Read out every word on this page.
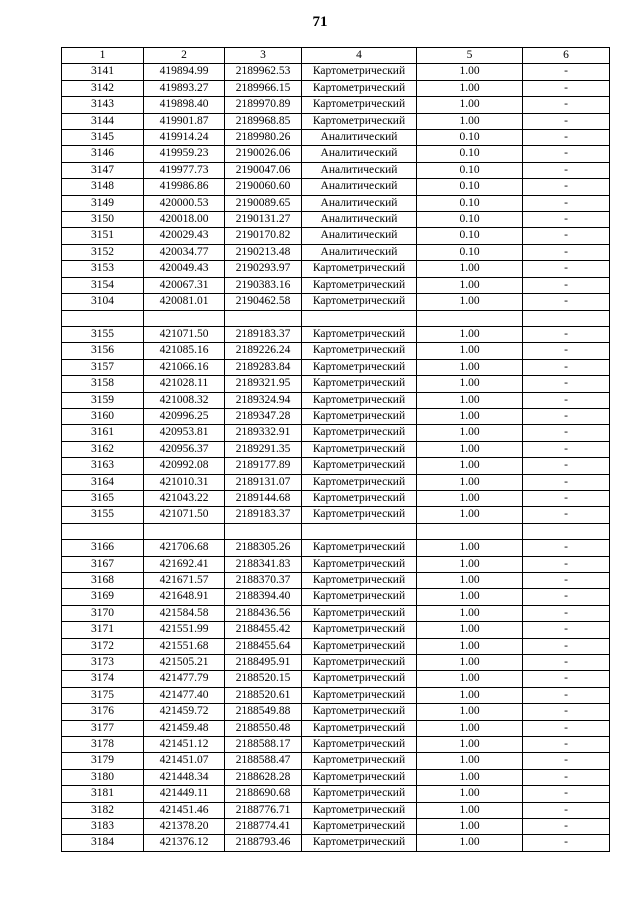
71
1	2	3	4	5	6
3141	419894.99	2189962.53	Картометрический	1.00	-
3142	419893.27	2189966.15	Картометрический	1.00	-
3143	419898.40	2189970.89	Картометрический	1.00	-
3144	419901.87	2189968.85	Картометрический	1.00	-
3145	419914.24	2189980.26	Аналитический	0.10	-
3146	419959.23	2190026.06	Аналитический	0.10	-
3147	419977.73	2190047.06	Аналитический	0.10	-
3148	419986.86	2190060.60	Аналитический	0.10	-
3149	420000.53	2190089.65	Аналитический	0.10	-
3150	420018.00	2190131.27	Аналитический	0.10	-
3151	420029.43	2190170.82	Аналитический	0.10	-
3152	420034.77	2190213.48	Аналитический	0.10	-
3153	420049.43	2190293.97	Картометрический	1.00	-
3154	420067.31	2190383.16	Картометрический	1.00	-
3104	420081.01	2190462.58	Картометрический	1.00	-

3155	421071.50	2189183.37	Картометрический	1.00	-
3156	421085.16	2189226.24	Картометрический	1.00	-
3157	421066.16	2189283.84	Картометрический	1.00	-
3158	421028.11	2189321.95	Картометрический	1.00	-
3159	421008.32	2189324.94	Картометрический	1.00	-
3160	420996.25	2189347.28	Картометрический	1.00	-
3161	420953.81	2189332.91	Картометрический	1.00	-
3162	420956.37	2189291.35	Картометрический	1.00	-
3163	420992.08	2189177.89	Картометрический	1.00	-
3164	421010.31	2189131.07	Картометрический	1.00	-
3165	421043.22	2189144.68	Картометрический	1.00	-
3155	421071.50	2189183.37	Картометрический	1.00	-

3166	421706.68	2188305.26	Картометрический	1.00	-
3167	421692.41	2188341.83	Картометрический	1.00	-
3168	421671.57	2188370.37	Картометрический	1.00	-
3169	421648.91	2188394.40	Картометрический	1.00	-
3170	421584.58	2188436.56	Картометрический	1.00	-
3171	421551.99	2188455.42	Картометрический	1.00	-
3172	421551.68	2188455.64	Картометрический	1.00	-
3173	421505.21	2188495.91	Картометрический	1.00	-
3174	421477.79	2188520.15	Картометрический	1.00	-
3175	421477.40	2188520.61	Картометрический	1.00	-
3176	421459.72	2188549.88	Картометрический	1.00	-
3177	421459.48	2188550.48	Картометрический	1.00	-
3178	421451.12	2188588.17	Картометрический	1.00	-
3179	421451.07	2188588.47	Картометрический	1.00	-
3180	421448.34	2188628.28	Картометрический	1.00	-
3181	421449.11	2188690.68	Картометрический	1.00	-
3182	421451.46	2188776.71	Картометрический	1.00	-
3183	421378.20	2188774.41	Картометрический	1.00	-
3184	421376.12	2188793.46	Картометрический	1.00	-
